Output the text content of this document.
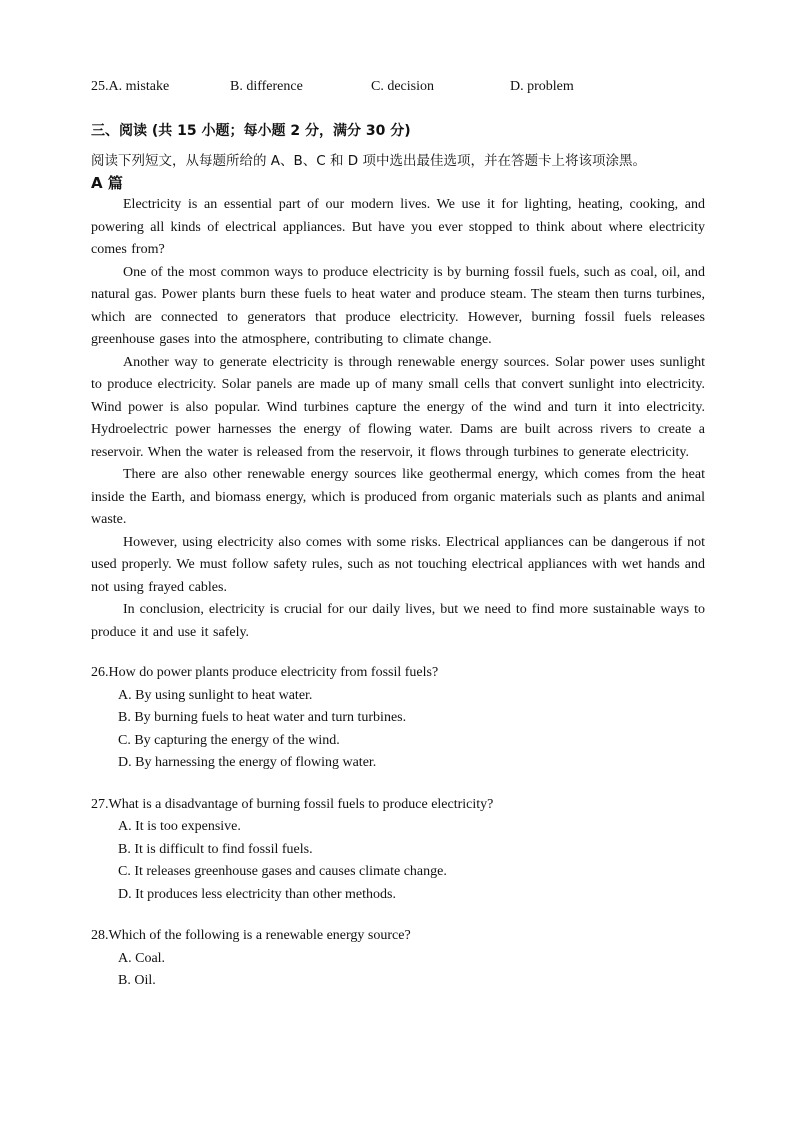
25.A. mistake	B. difference	C. decision	D. problem
三、阅读 (共 15 小题；每小题 2 分，满分 30 分)
阅读下列短文，从每题所给的 A、B、C 和 D 项中选出最佳选项，并在答题卡上将该项涂黑。
A 篇

Electricity is an essential part of our modern lives. We use it for lighting, heating, cooking, and powering all kinds of electrical appliances. But have you ever stopped to think about where electricity comes from?

One of the most common ways to produce electricity is by burning fossil fuels, such as coal, oil, and natural gas. Power plants burn these fuels to heat water and produce steam. The steam then turns turbines, which are connected to generators that produce electricity. However, burning fossil fuels releases greenhouse gases into the atmosphere, contributing to climate change.

Another way to generate electricity is through renewable energy sources. Solar power uses sunlight to produce electricity. Solar panels are made up of many small cells that convert sunlight into electricity. Wind power is also popular. Wind turbines capture the energy of the wind and turn it into electricity. Hydroelectric power harnesses the energy of flowing water. Dams are built across rivers to create a reservoir. When the water is released from the reservoir, it flows through turbines to generate electricity.

There are also other renewable energy sources like geothermal energy, which comes from the heat inside the Earth, and biomass energy, which is produced from organic materials such as plants and animal waste.

However, using electricity also comes with some risks. Electrical appliances can be dangerous if not used properly. We must follow safety rules, such as not touching electrical appliances with wet hands and not using frayed cables.

In conclusion, electricity is crucial for our daily lives, but we need to find more sustainable ways to produce it and use it safely.

26.How do power plants produce electricity from fossil fuels?
A. By using sunlight to heat water.
B. By burning fuels to heat water and turn turbines.
C. By capturing the energy of the wind.
D. By harnessing the energy of flowing water.
27.What is a disadvantage of burning fossil fuels to produce electricity?
A. It is too expensive.
B. It is difficult to find fossil fuels.
C. It releases greenhouse gases and causes climate change.
D. It produces less electricity than other methods.
28.Which of the following is a renewable energy source?
A. Coal.
B. Oil.
